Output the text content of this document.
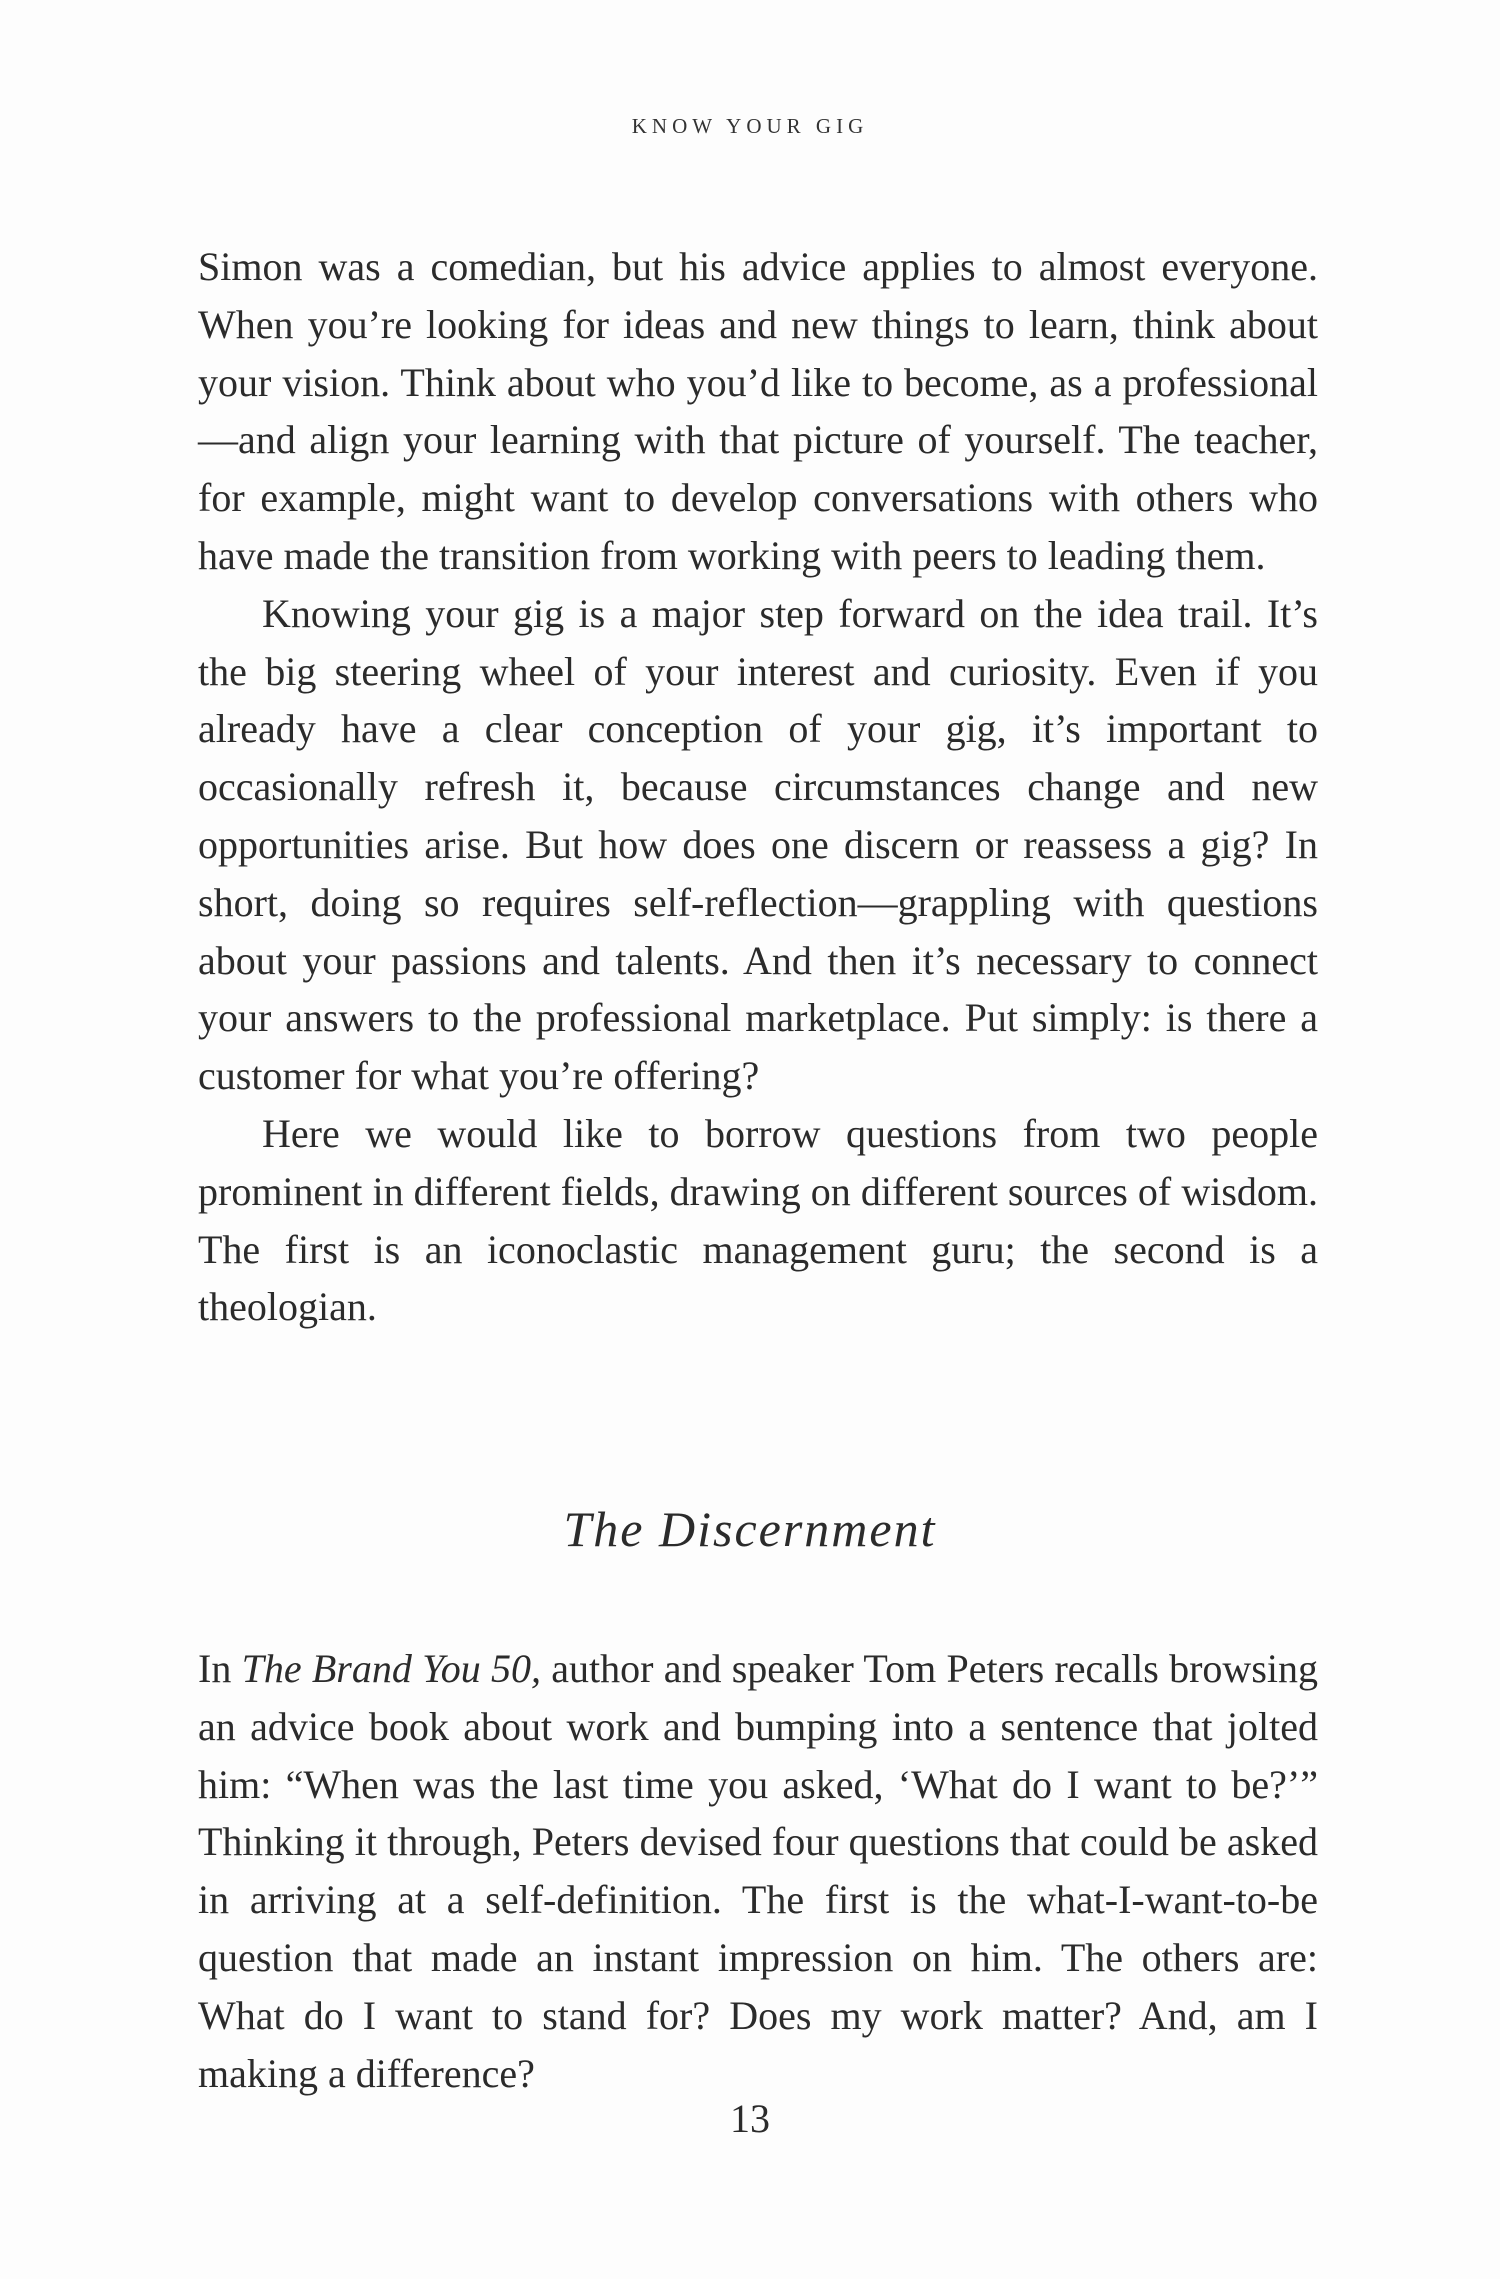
KNOW YOUR GIG

Simon was a comedian, but his advice applies to almost everyone. When you’re looking for ideas and new things to learn, think about your vision. Think about who you’d like to become, as a professional—and align your learning with that picture of yourself. The teacher, for example, might want to develop conversations with others who have made the transition from working with peers to leading them.

Knowing your gig is a major step forward on the idea trail. It’s the big steering wheel of your interest and curiosity. Even if you already have a clear conception of your gig, it’s important to occasionally refresh it, because circumstances change and new opportunities arise. But how does one discern or reassess a gig? In short, doing so requires self-reflection—grappling with questions about your passions and talents. And then it’s necessary to connect your answers to the professional marketplace. Put simply: is there a customer for what you’re offering?

Here we would like to borrow questions from two people prominent in different fields, drawing on different sources of wisdom. The first is an iconoclastic management guru; the second is a theologian.

The Discernment

In The Brand You 50, author and speaker Tom Peters recalls browsing an advice book about work and bumping into a sentence that jolted him: “When was the last time you asked, ‘What do I want to be?’” Thinking it through, Peters devised four questions that could be asked in arriving at a self-definition. The first is the what-I-want-to-be question that made an instant impression on him. The others are: What do I want to stand for? Does my work matter? And, am I making a difference?

13
